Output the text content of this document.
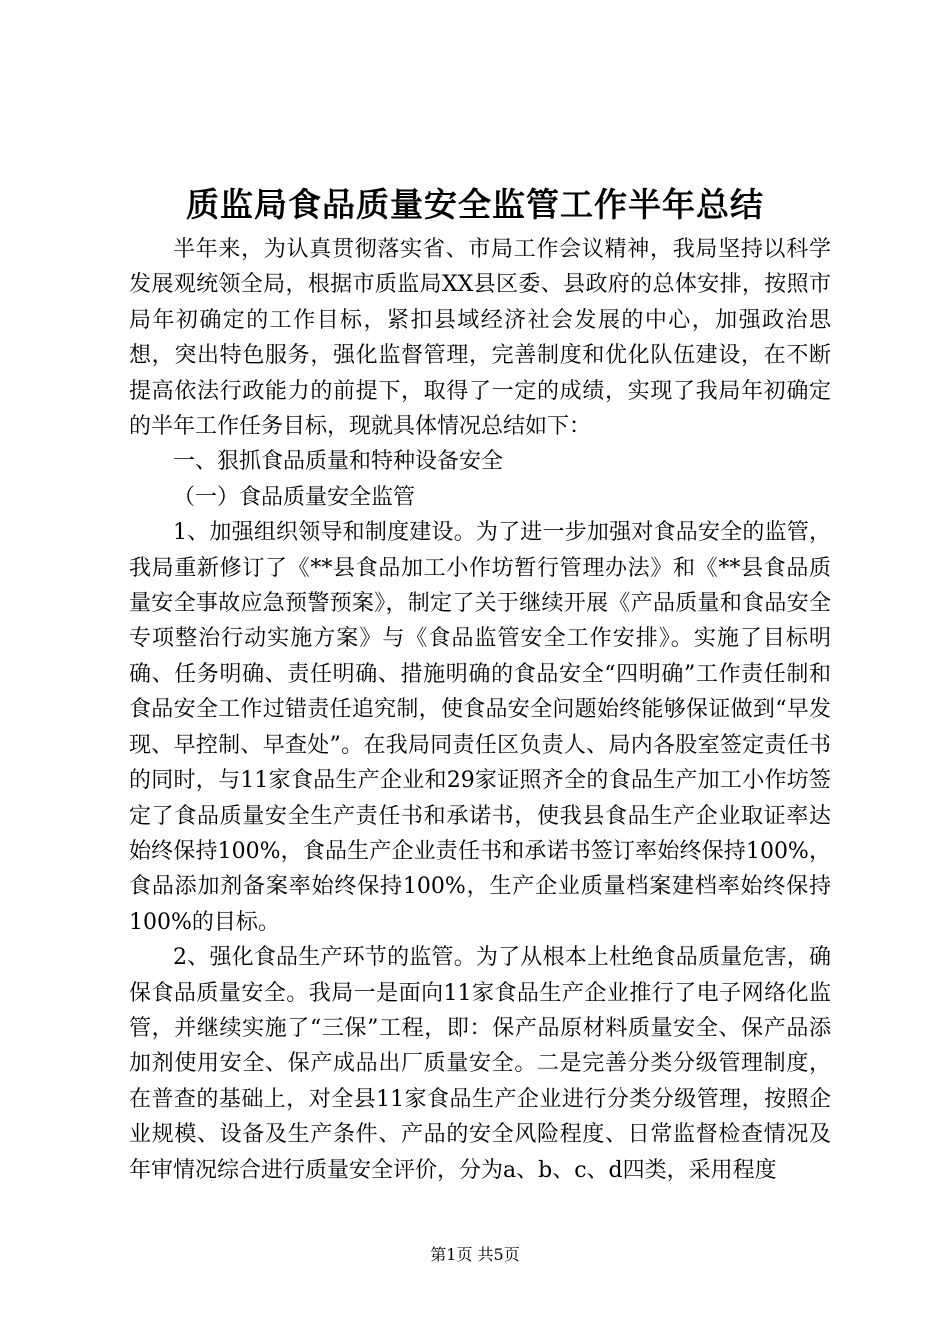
质监局食品质量安全监管工作半年总结

半年来，为认真贯彻落实省、市局工作会议精神，我局坚持以科学发展观统领全局，根据市质监局XX县区委、县政府的总体安排，按照市局年初确定的工作目标，紧扣县域经济社会发展的中心，加强政治思想，突出特色服务，强化监督管理，完善制度和优化队伍建设，在不断提高依法行政能力的前提下，取得了一定的成绩，实现了我局年初确定的半年工作任务目标，现就具体情况总结如下：

一、狠抓食品质量和特种设备安全

（一）食品质量安全监管

1、加强组织领导和制度建设。为了进一步加强对食品安全的监管，我局重新修订了《**县食品加工小作坊暂行管理办法》和《**县食品质量安全事故应急预警预案》，制定了关于继续开展《产品质量和食品安全专项整治行动实施方案》与《食品监管安全工作安排》。实施了目标明确、任务明确、责任明确、措施明确的食品安全“四明确”工作责任制和食品安全工作过错责任追究制，使食品安全问题始终能够保证做到“早发现、早控制、早查处”。在我局同责任区负责人、局内各股室签定责任书的同时，与11家食品生产企业和29家证照齐全的食品生产加工小作坊签定了食品质量安全生产责任书和承诺书，使我县食品生产企业取证率达始终保持100%，食品生产企业责任书和承诺书签订率始终保持100%，食品添加剂备案率始终保持100%，生产企业质量档案建档率始终保持100%的目标。

2、强化食品生产环节的监管。为了从根本上杜绝食品质量危害，确保食品质量安全。我局一是面向11家食品生产企业推行了电子网络化监管，并继续实施了“三保”工程，即：保产品原材料质量安全、保产品添加剂使用安全、保产成品出厂质量安全。二是完善分类分级管理制度，在普查的基础上，对全县11家食品生产企业进行分类分级管理，按照企业规模、设备及生产条件、产品的安全风险程度、日常监督检查情况及年审情况综合进行质量安全评价，分为a、b、c、d四类，采用程度

第1页 共5页
